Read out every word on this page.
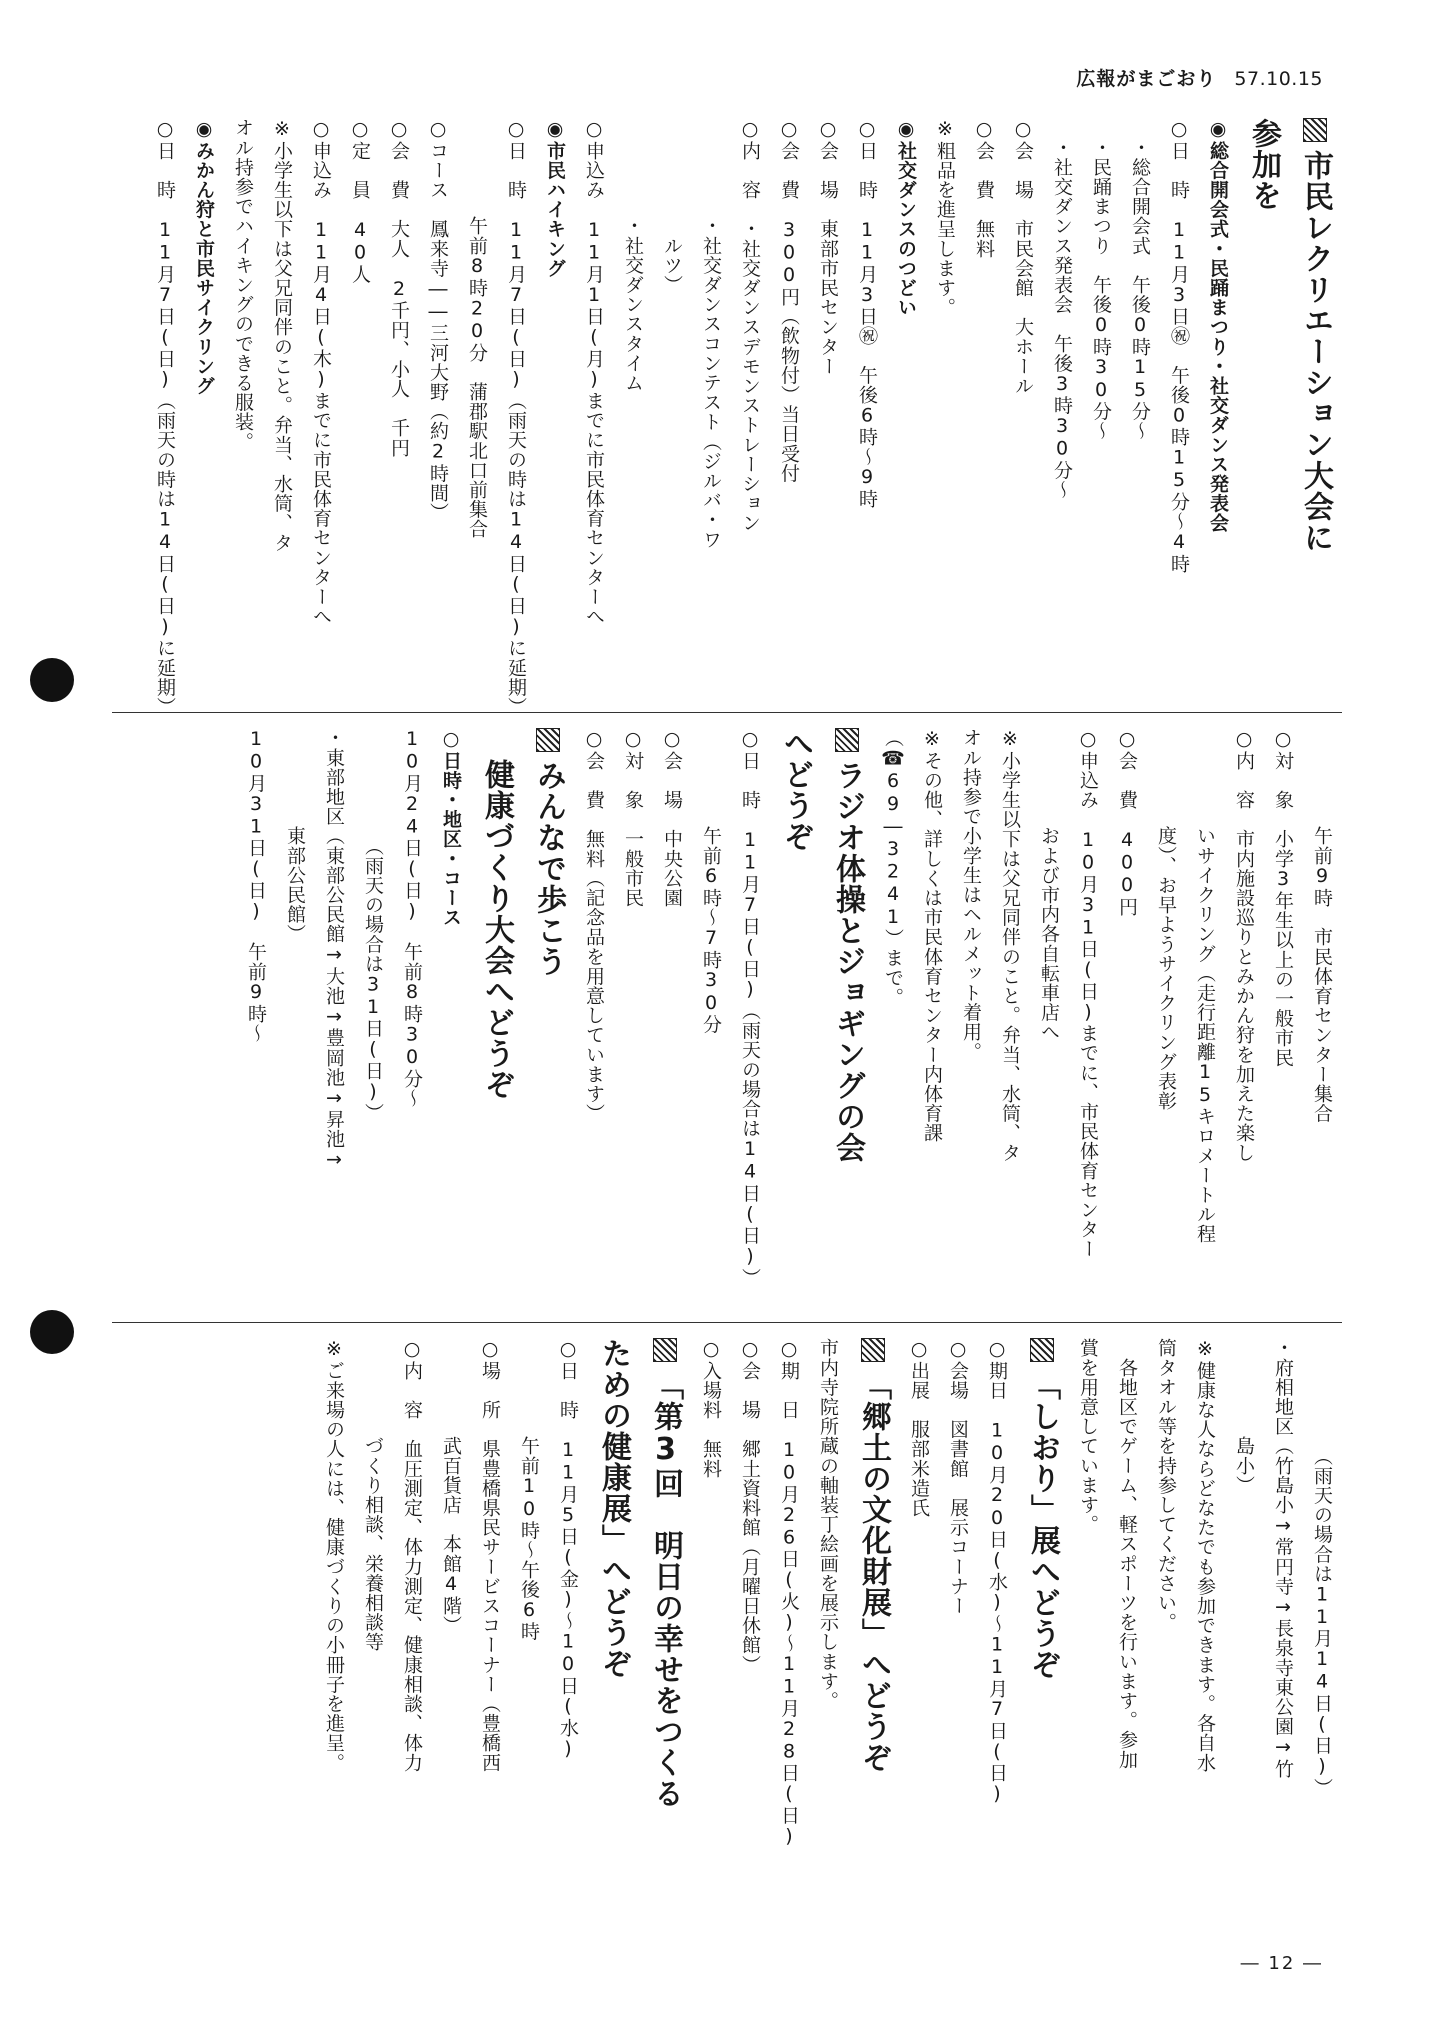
広報がまごおり 57.10.15
市民レクリエーション大会に
参加を
◉総合開会式・民踊まつり・社交ダンス発表会
○日　時　11月3日㊗　午後0時15分～4時
　・総合開会式　午後0時15分～
　・民踊まつり　午後0時30分～
　・社交ダンス発表会　午後3時30分～
○会　場　市民会館　大ホール
○会　費　無料
※粗品を進呈します。
◉社交ダンスのつどい
○日　時　11月3日㊗　午後6時～9時
○会　場　東部市民センター
○会　費　300円（飲物付）当日受付
○内　容　・社交ダンスデモンストレーション
　　　　　・社交ダンスコンテスト（ジルバ・ワ
　　　　　　ルツ）
　　　　　・社交ダンスタイム
○申込み　11月1日(月)までに市民体育センターへ
◉市民ハイキング
○日　時　11月7日(日)（雨天の時は14日(日)に延期）
　　　　　午前8時20分　蒲郡駅北口前集合
○コース　鳳来寺――三河大野（約2時間）
○会　費　大人　2千円、小人　千円
○定　員　40人
○申込み　11月4日(木)までに市民体育センターへ
※小学生以下は父兄同伴のこと。弁当、水筒、タ
オル持参でハイキングのできる服装。
◉みかん狩と市民サイクリング
○日　時　11月7日(日)（雨天の時は14日(日)に延期）
　　　　　午前9時　市民体育センター集合
○対　象　小学3年生以上の一般市民
○内　容　市内施設巡りとみかん狩を加えた楽し
　　　　　いサイクリング（走行距離15キロメートル程
　　　　　度）、お早ようサイクリング表彰
○会　費　400円
○申込み　10月31日(日)までに、市民体育センター
　　　　　および市内各自転車店へ
※小学生以下は父兄同伴のこと。弁当、水筒、タ
オル持参で小学生はヘルメット着用。
※その他、詳しくは市民体育センター内体育課
（☎69―3241）まで。
ラジオ体操とジョギングの会
へどうぞ
○日　時　11月7日(日)（雨天の場合は14日(日)）
　　　　　午前6時～7時30分
○会　場　中央公園
○対　象　一般市民
○会　費　無料（記念品を用意しています）
みんなで歩こう
　健康づくり大会へどうぞ
○日時・地区・コース
10月24日(日)　午前8時30分～
　　　　　　（雨天の場合は31日(日)）
・東部地区（東部公民館→大池→豊岡池→昇池→
　　　　　東部公民館）
10月31日(日)　午前9時～
　　　　　　（雨天の場合は11月14日(日)）
・府相地区（竹島小→常円寺→長泉寺東公園→竹
　　　　　島小）
※健康な人ならどなたでも参加できます。各自水
筒タオル等を持参してください。
　各地区でゲーム、軽スポーツを行います。参加
賞を用意しています。
「しおり」展へどうぞ
○期日　10月20日(水)～11月7日(日)
○会場　図書館　展示コーナー
○出展　服部米造氏
「郷土の文化財展」へどうぞ
市内寺院所蔵の軸装丁絵画を展示します。
○期　日　10月26日(火)～11月28日(日)
○会　場　郷土資料館（月曜日休館）
○入場料　無料
「第3回　明日の幸せをつくる
ための健康展」へどうぞ
○日　時　11月5日(金)～10日(水)
　　　　　午前10時～午後6時
○場　所　県豊橋県民サービスコーナー（豊橋西
　　　　　武百貨店　本館4階）
○内　容　血圧測定、体力測定、健康相談、体力
　　　　　づくり相談、栄養相談等
※ご来場の人には、健康づくりの小冊子を進呈。
― 12 ―
